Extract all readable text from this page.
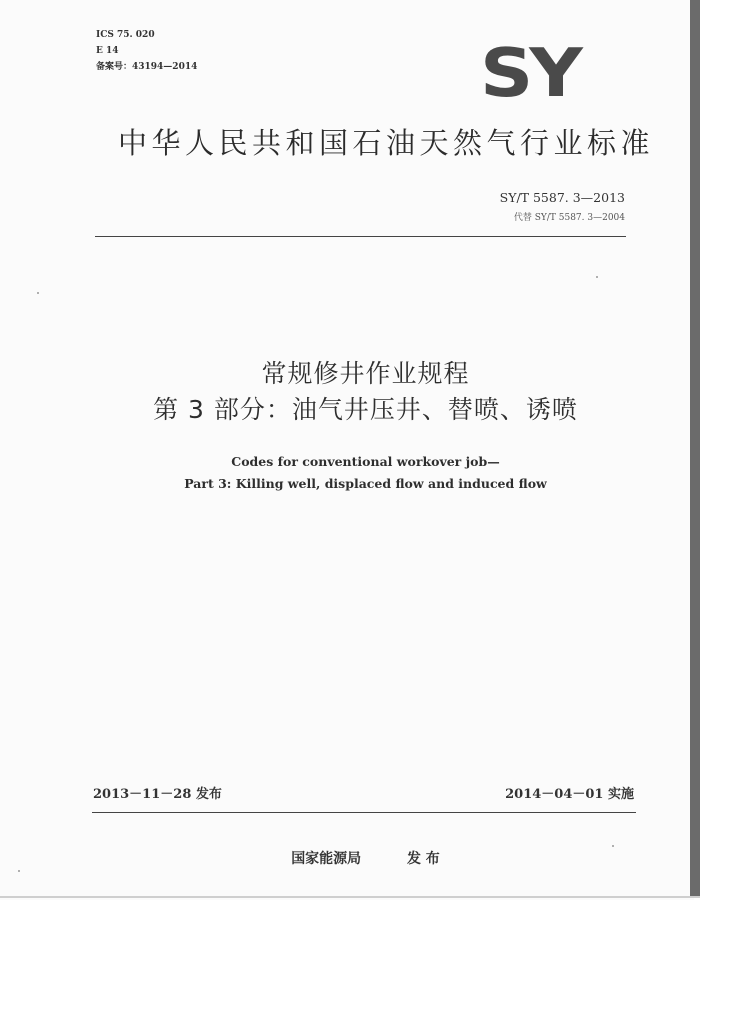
ICS 75. 020
E 14
备案号：43194—2014	SY
中华人民共和国石油天然气行业标准
SY/T 5587. 3—2013
代替 SY/T 5587. 3—2004
常规修井作业规程
第 3 部分：油气井压井、替喷、诱喷
Codes for conventional workover job—
Part 3: Killing well, displaced flow and induced flow
2013－11－28 发布	2014－04－01 实施
国家能源局	发 布
